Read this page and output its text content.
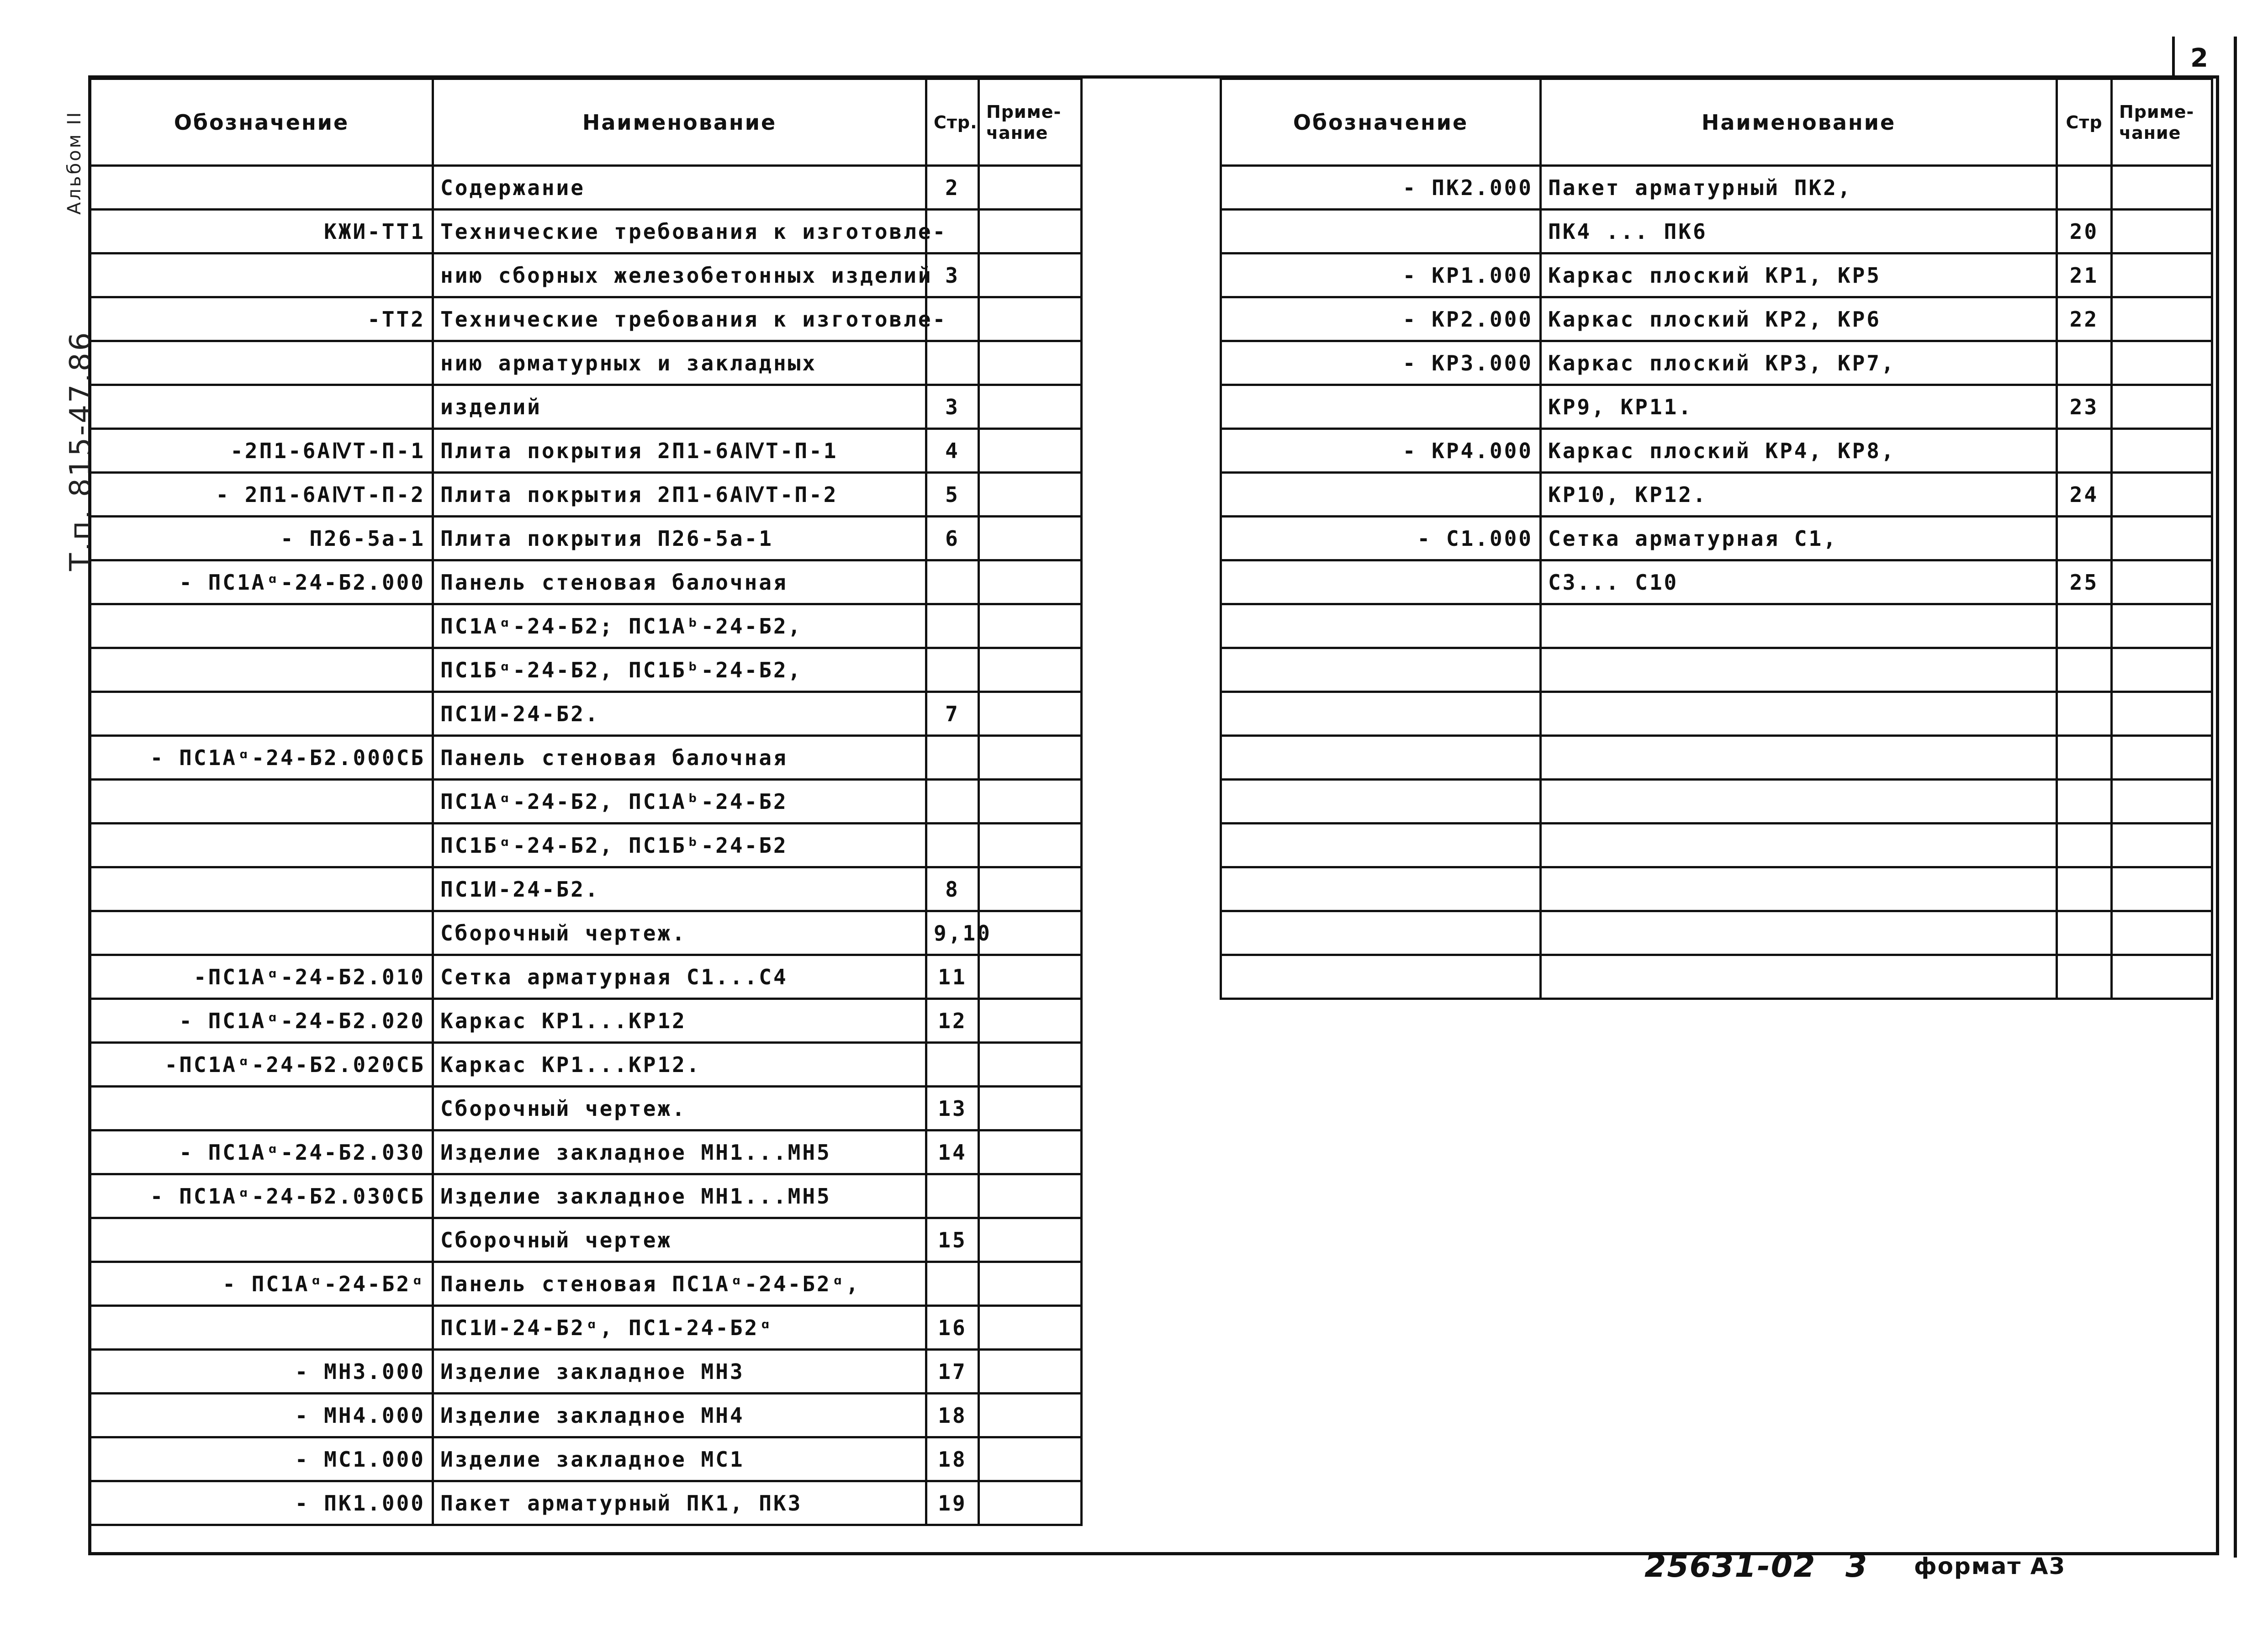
2
Альбом II
Т.п. 815-47.86
Обозначение	Наименование	Стр.	Приме-
чание
	Содержание	2	
КЖИ-ТТ1	Технические требования к изготовле-		
	нию сборных железобетонных изделий	3	
-ТТ2	Технические требования к изготовле-		
	нию арматурных и закладных		
	изделий	3	
-2П1-6АⅣТ-П-1	Плита покрытия 2П1-6АⅣТ-П-1	4	
- 2П1-6АⅣТ-П-2	Плита покрытия 2П1-6АⅣТ-П-2	5	
- П26-5а-1	Плита покрытия П26-5а-1	6	
- ПС1Аᵅ-24-Б2.000	Панель стеновая балочная		
	ПС1Аᵅ-24-Б2; ПС1Аᵇ-24-Б2,		
	ПС1Бᵅ-24-Б2, ПС1Бᵇ-24-Б2,		
	ПС1И-24-Б2.	7	
- ПС1Аᵅ-24-Б2.000СБ	Панель стеновая балочная		
	ПС1Аᵅ-24-Б2, ПС1Аᵇ-24-Б2		
	ПС1Бᵅ-24-Б2, ПС1Бᵇ-24-Б2		
	ПС1И-24-Б2.	8	
	Сборочный чертеж.	9,10	
-ПС1Аᵅ-24-Б2.010	Сетка арматурная С1...С4	11	
- ПС1Аᵅ-24-Б2.020	Каркас КР1...КР12	12	
-ПС1Аᵅ-24-Б2.020СБ	Каркас КР1...КР12.		
	Сборочный чертеж.	13	
- ПС1Аᵅ-24-Б2.030	Изделие закладное МН1...МН5	14	
- ПС1Аᵅ-24-Б2.030СБ	Изделие закладное МН1...МН5		
	Сборочный чертеж	15	
- ПС1Аᵅ-24-Б2ᵅ	Панель стеновая ПС1Аᵅ-24-Б2ᵅ,		
	ПС1И-24-Б2ᵅ, ПС1-24-Б2ᵅ	16	
- МН3.000	Изделие закладное МН3	17	
- МН4.000	Изделие закладное МН4	18	
- МС1.000	Изделие закладное МС1	18	
- ПК1.000	Пакет арматурный ПК1, ПК3	19	
Обозначение	Наименование	Стр	Приме-
чание
- ПК2.000	Пакет арматурный ПК2,		
	ПК4 ... ПК6	20	
- КР1.000	Каркас плоский КР1, КР5	21	
- КР2.000	Каркас плоский КР2, КР6	22	
- КР3.000	Каркас плоский КР3, КР7,		
	КР9, КР11.	23	
- КР4.000	Каркас плоский КР4, КР8,		
	КР10, КР12.	24	
- С1.000	Сетка арматурная С1,		
	С3... С10	25	

25631-02 3 формат А3
